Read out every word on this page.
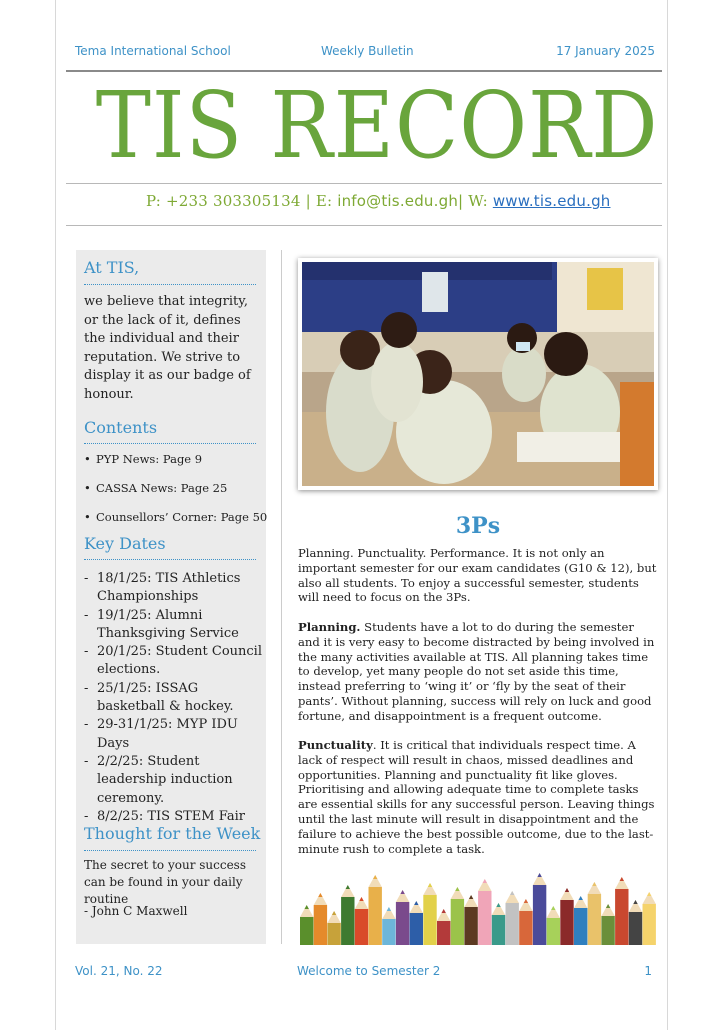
Tema International School	Weekly Bulletin	17 January 2025
TIS RECORD
P: +233 303305134 | E: info@tis.edu.gh| W: www.tis.edu.gh
At TIS,
we believe that integrity, or the lack of it, defines the individual and their reputation. We strive to display it as our badge of honour.
Contents
• PYP News: Page 9
• CASSA News: Page 25
• Counsellors’ Corner: Page 50
Key Dates
- 18/1/25: TIS Athletics Championships
- 19/1/25: Alumni Thanksgiving Service
- 20/1/25: Student Council elections.
- 25/1/25: ISSAG basketball & hockey.
- 29-31/1/25: MYP IDU Days
- 2/2/25: Student leadership induction ceremony.
- 8/2/25: TIS STEM Fair
Thought for the Week
The secret to your success can be found in your daily routine
- John C Maxwell
3Ps
Planning. Punctuality. Performance. It is not only an important semester for our exam candidates (G10 & 12), but also all students. To enjoy a successful semester, students will need to focus on the 3Ps.
Planning. Students have a lot to do during the semester and it is very easy to become distracted by being involved in the many activities available at TIS. All planning takes time to develop, yet many people do not set aside this time, instead preferring to ‘wing it’ or ‘fly by the seat of their pants’. Without planning, success will rely on luck and good fortune, and disappointment is a frequent outcome.
Punctuality. It is critical that individuals respect time. A lack of respect will result in chaos, missed deadlines and opportunities. Planning and punctuality fit like gloves. Prioritising and allowing adequate time to complete tasks are essential skills for any successful person. Leaving things until the last minute will result in disappointment and the failure to achieve the best possible outcome, due to the last-minute rush to complete a task.
Vol. 21, No. 22	Welcome to Semester 2	1
